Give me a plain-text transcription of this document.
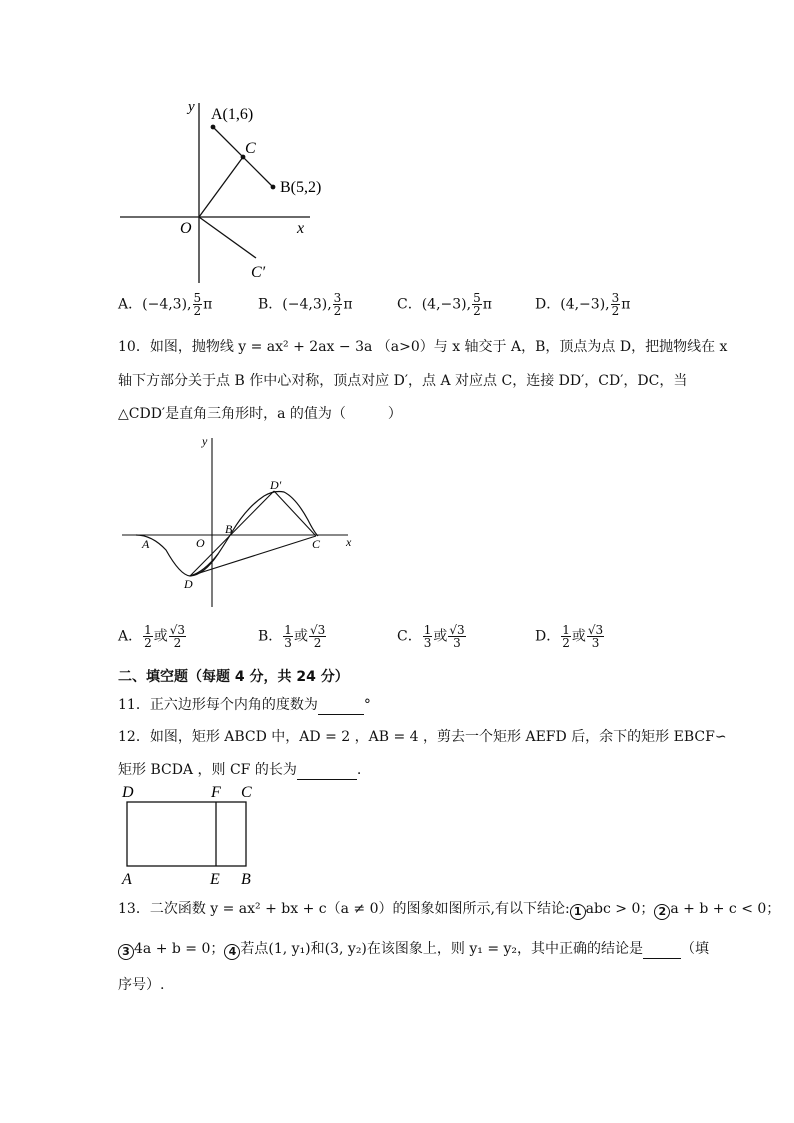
y
x
O
A(1,6)
C
B(5,2)
C′
A．(−4,3), $\frac{5}{2}$ π	B．(−4,3), $\frac{3}{2}$ π	C．(4,−3), $\frac{5}{2}$ π	D．(4,−3), $\frac{3}{2}$ π
10．如图，抛物线 y = ax² + 2ax − 3a （a>0）与 x 轴交于 A，B，顶点为点 D，把抛物线在 x
轴下方部分关于点 B 作中心对称，顶点对应 D′，点 A 对应点 C，连接 DD′，CD′，DC，当
△CDD′是直角三角形时，a 的值为（　　　）
y
x
O
A
B
C
D
D′
A． $\frac{1}{2}$ 或 $\frac{√3}{2}$	B． $\frac{1}{3}$ 或 $\frac{√3}{2}$	C． $\frac{1}{3}$ 或 $\frac{√3}{3}$	D． $\frac{1}{2}$ 或 $\frac{√3}{3}$
二、填空题（每题 4 分，共 24 分）
11．正六边形每个内角的度数为	°
12．如图，矩形 ABCD 中，AD = 2 ，AB = 4 ，剪去一个矩形 AEFD 后，余下的矩形 EBCF∽
矩形 BCDA ，则 CF 的长为	.
D	F C
A	E B
13．二次函数 y = ax² + bx + c（a ≠ 0）的图象如图所示,有以下结论: 1 abc > 0； 2 a + b + c < 0；
3 4a + b = 0； 4 若点(1, y₁)和(3, y₂)在该图象上，则 y₁ = y₂，其中正确的结论是	（填
序号）.
